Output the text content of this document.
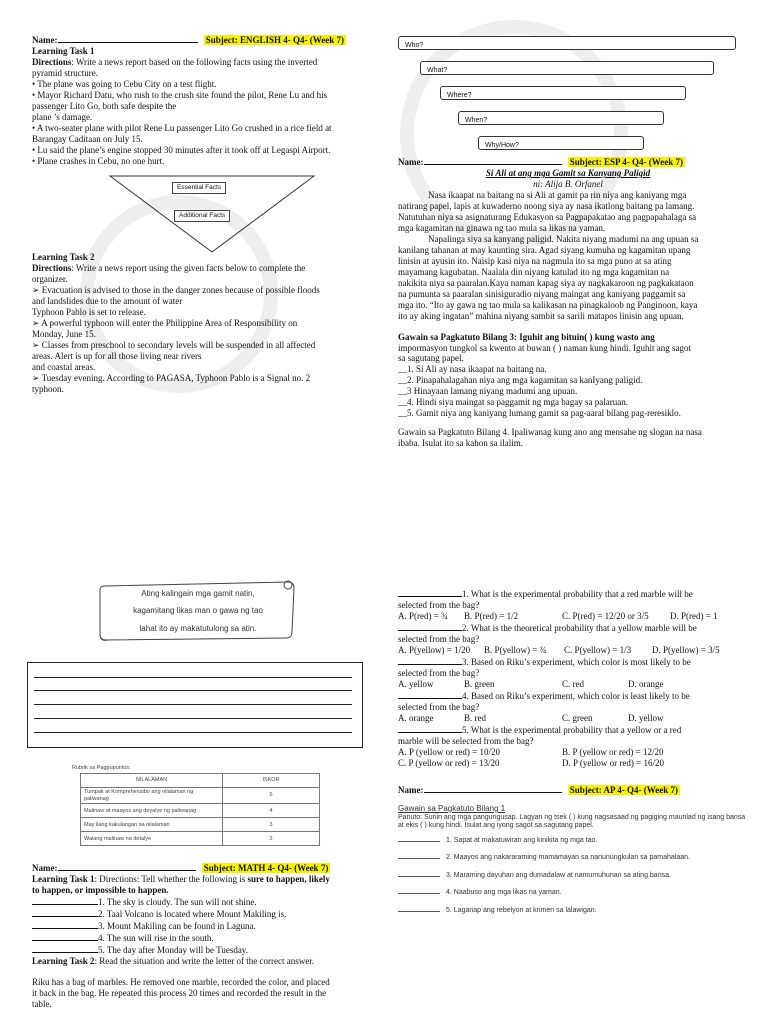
Name:	Subject: ENGLISH 4- Q4- (Week 7)
Learning Task 1
Directions: Write a news report based on the following facts using the inverted
pyramid structure.
• The plane was going to Cebu City on a test flight.
• Mayor Richard Datu, who rush to the crush site found the pilot, Rene Lu and his
passenger Lito Go, both safe despite the
plane ’s damage.
• A two-seater plane with pilot Rene Lu passenger Lito Go crushed in a rice field at
Barangay Caditaan on July 15.
• Lu said the plane’s engine stopped 30 minutes after it took off at Legaspi Airport.
• Plane crashes in Cebu, no one hurt.
Essential Facts
Additional Facts
Learning Task 2
Directions: Write a news report using the given facts below to complete the
organizer.
➢ Evacuation is advised to those in the danger zones because of possible floods
and landslides due to the amount of water
Typhoon Pablo is set to release.
➢ A powerful typhoon will enter the Philippine Area of Responsibility on
Monday, June 15.
➢ Classes from preschool to secondary levels will be suspended in all affected
areas. Alert is up for all those living near rivers
and coastal areas.
➢ Tuesday evening. According to PAGASA, Typhoon Pablo is a Signal no. 2
typhoon.
Who?
What?
Where?
When?
Why/How?
Name:	Subject: ESP 4- Q4- (Week 7)
Si Ali at ang mga Gamit sa Kanyang Paligid
ni: Alija B. Orfanel
Nasa ikaapat na baitang na si Ali at gamit pa rin niya ang kaniyang mga
natirang papel, lapis at kuwaderno noong siya ay nasa ikatlong baitang pa lamang.
Natutuhan niya sa asignaturang Edukasyon sa Pagpapakatao ang pagpapahalaga sa
mga kagamitan na ginawa ng tao mula sa likas na yaman.
Napalinga siya sa kanyang paligid. Nakita niyang madumi na ang upuan sa
kanilang tahanan at may kaunting sira. Agad siyang kumuha ng kagamitan upang
linisin at ayusin ito. Naisip kasi niya na nagmula ito sa mga puno at sa ating
mayamang kagubatan. Naalala din niyang katulad ito ng mga kagamitan na
nakikita niya sa paaralan.Kaya naman kapag siya ay nagkakaroon ng pagkakataon
na pumunta sa paaralan sinisiguradio niyang maingat ang kaniyang paggamit sa
mga ito. “Ito ay gawa ng tao mula sa kalikasan na pinagkaloob ng Panginoon, kaya
ito ay aking ingatan” mahina niyang sambit sa sarili matapos linisin ang upuan.
Gawain sa Pagkatuto Bilang 3: Iguhit ang bituin( ) kung wasto ang
impormasyon tungkol sa kwento at buwan ( ) naman kung hindi. Iguhit ang sagot
sa sagutang papel.
__1. Si Ali ay nasa ikaapat na baitang na.
__2. Pinapahalagahan niya ang mga kagamitan sa kanIyang paligid.
__3 Hinayaan lamang niyang madumi ang upuan.
__4. Hindi siya maingat sa paggamit ng mga bagay sa palaruan.
__5. Gamit niya ang kaniyang lumang gamit sa pag-aaral bilang pag-reresiklo.
Gawain sa Pagkatuto Bilang 4. Ipaliwanag kung ano ang mensahe ng slogan na nasa
ibaba. Isulat ito sa kahon sa ilalim.
Ating kalingain mga gamit natin,
kagamitang likas man o gawa ng tao
lahat ito ay makatutulong sa atin.
Rubrik sa Pagpupuntos:
NILALAMAN	ISKOR
Tumpak at Komprehensibo ang nilalaman ng paliwanag	5
Malinaw at maayos ang deyalye ng paliwanag	4
May ilang kakulangan sa nilalaman	3
Walang malinaw na detalye	2
Name:	Subject: MATH 4- Q4- (Week 7)
Learning Task 1: Directions: Tell whether the following is sure to happen, likely
to happen, or impossible to happen.
1. The sky is cloudy. The sun will not shine.
2. Taal Volcano is located where Mount Makiling is.
3. Mount Makiling can be found in Laguna.
4. The sun will rise in the south.
5. The day after Monday will be Tuesday.
Learning Task 2: Read the situation and write the letter of the correct answer.
Riku has a bag of marbles. He removed one marble, recorded the color, and placed
it back in the bag. He repeated this process 20 times and recorded the result in the
table.
1. What is the experimental probability that a red marble will be
selected from the bag?
A. P(red) = ¾ B. P(red) = 1/2	C. P(red) = 12/20 or 3/5 D. P(red) = 1
2. What is the theoretical probability that a yellow marble will be
selected from the bag?
A. P(yellow) = 1/20 B. P(yellow) = ¾ C. P(yellow) = 1/3 D. P(yellow) = 3/5
3. Based on Riku’s experiment, which color is most likely to be
selected from the bag?
A. yellow	B. green	C. red	D. orange
4. Based on Riku’s experiment, which color is least likely to be
selected from the bag?
A. orange	B. red	C. green	D. yellow
5. What is the experimental probability that a yellow or a red
marble will be selected from the bag?
A. P (yellow or red) = 10/20	B. P (yellow or red) = 12/20
C. P (yellow or red) = 13/20	D. P (yellow or red) = 16/20
Name:	Subject: AP 4- Q4- (Week 7)
Gawain sa Pagkatuto Bilang 1
Panuto: Suriin ang mga pangungusap. Lagyan ng tsek ( ) kung nagsasaad ng pagiging maunlad ng isang bansa
at ekis ( ) kung hindi. Isulat ang iyong sagot sa sagutang papel.
1. Sapat at makatuwiran ang kinikita ng mga tao.
2. Maayos ang nakararaming mamamayan sa nanunungkulan sa pamahalaan.
3. Maraming dayuhan ang dumadalaw at namumuhunan sa ating bansa.
4. Naabuso ang mga likas na yaman.
5. Laganap ang rebelyon at krimen sa lalawigan.
